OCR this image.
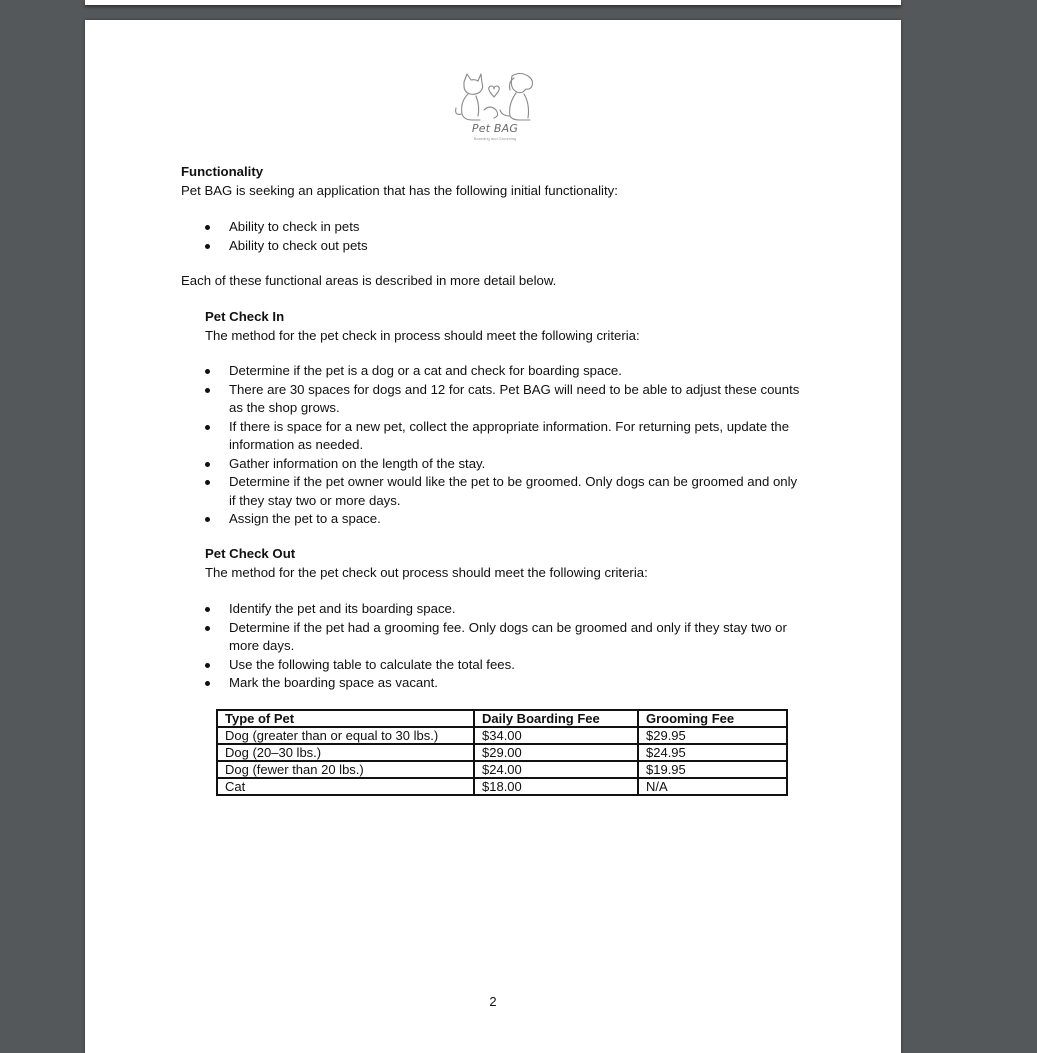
Pet BAG
Boarding and Grooming
Functionality
Pet BAG is seeking an application that has the following initial functionality:
Ability to check in pets
Ability to check out pets
Each of these functional areas is described in more detail below.
Pet Check In
The method for the pet check in process should meet the following criteria:
Determine if the pet is a dog or a cat and check for boarding space.
There are 30 spaces for dogs and 12 for cats. Pet BAG will need to be able to adjust these counts as the shop grows.
If there is space for a new pet, collect the appropriate information. For returning pets, update the information as needed.
Gather information on the length of the stay.
Determine if the pet owner would like the pet to be groomed. Only dogs can be groomed and only if they stay two or more days.
Assign the pet to a space.
Pet Check Out
The method for the pet check out process should meet the following criteria:
Identify the pet and its boarding space.
Determine if the pet had a grooming fee. Only dogs can be groomed and only if they stay two or more days.
Use the following table to calculate the total fees.
Mark the boarding space as vacant.
Type of Pet	Daily Boarding Fee	Grooming Fee
Dog (greater than or equal to 30 lbs.)	$34.00	$29.95
Dog (20–30 lbs.)	$29.00	$24.95
Dog (fewer than 20 lbs.)	$24.00	$19.95
Cat	$18.00	N/A
2
